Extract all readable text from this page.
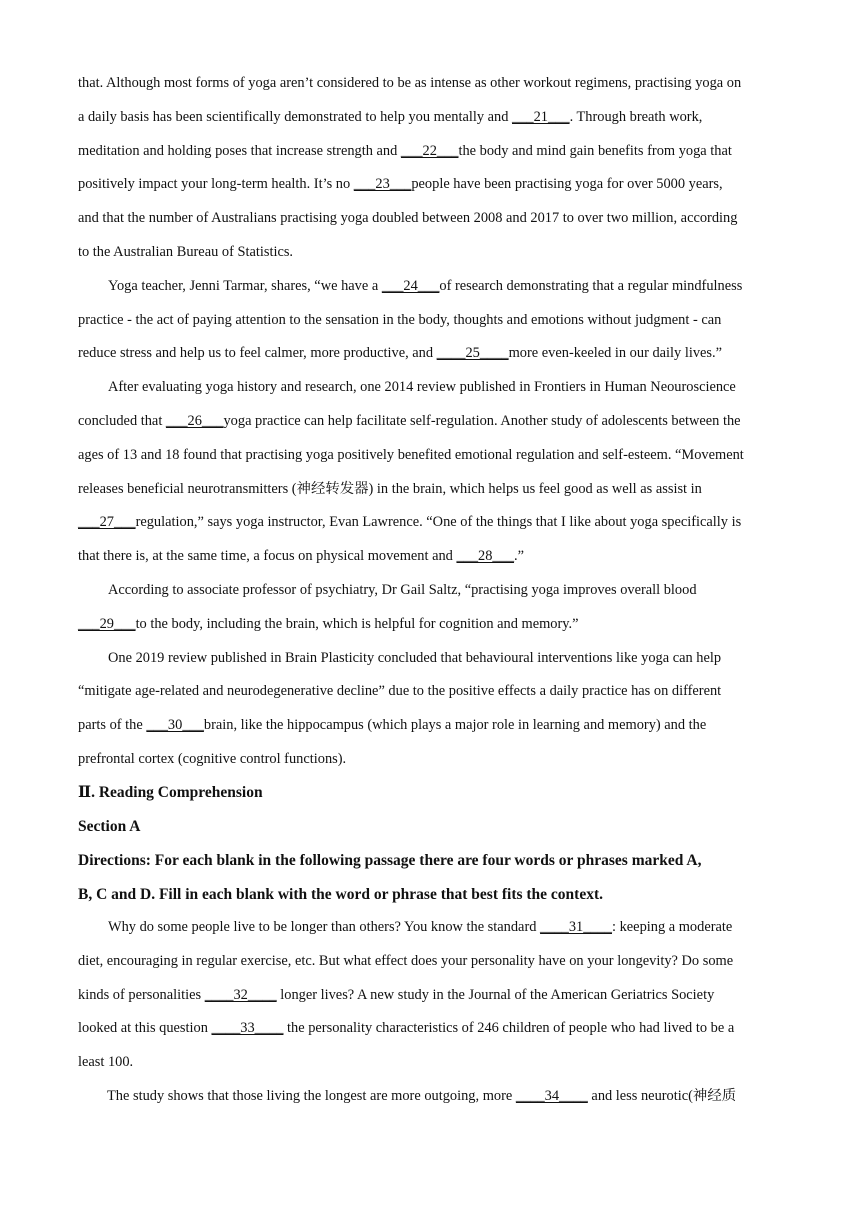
that. Although most forms of yoga aren’t considered to be as intense as other workout regimens, practising yoga on
a daily basis has been scientifically demonstrated to help you mentally and ___21___. Through breath work,
meditation and holding poses that increase strength and ___22___the body and mind gain benefits from yoga that
positively impact your long-term health. It’s no ___23___people have been practising yoga for over 5000 years,
and that the number of Australians practising yoga doubled between 2008 and 2017 to over two million, according
to the Australian Bureau of Statistics.
Yoga teacher, Jenni Tarmar, shares, “we have a ___24___of research demonstrating that a regular mindfulness
practice - the act of paying attention to the sensation in the body, thoughts and emotions without judgment - can
reduce stress and help us to feel calmer, more productive, and ____25____more even-keeled in our daily lives.”
After evaluating yoga history and research, one 2014 review published in Frontiers in Human Neouroscience
concluded that ___26___yoga practice can help facilitate self-regulation. Another study of adolescents between the
ages of 13 and 18 found that practising yoga positively benefited emotional regulation and self-esteem. “Movement
releases beneficial neurotransmitters (神经转发器) in the brain, which helps us feel good as well as assist in
___27___regulation,” says yoga instructor, Evan Lawrence. “One of the things that I like about yoga specifically is
that there is, at the same time, a focus on physical movement and ___28___.”
According to associate professor of psychiatry, Dr Gail Saltz, “practising yoga improves overall blood
___29___to the body, including the brain, which is helpful for cognition and memory.”
One 2019 review published in Brain Plasticity concluded that behavioural interventions like yoga can help
“mitigate age-related and neurodegenerative decline” due to the positive effects a daily practice has on different
parts of the ___30___brain, like the hippocampus (which plays a major role in learning and memory) and the
prefrontal cortex (cognitive control functions).
Ⅱ. Reading Comprehension
Section A
Directions: For each blank in the following passage there are four words or phrases marked A,
B, C and D. Fill in each blank with the word or phrase that best fits the context.
Why do some people live to be longer than others? You know the standard ____31____: keeping a moderate
diet, encouraging in regular exercise, etc. But what effect does your personality have on your longevity? Do some
kinds of personalities ____32____ longer lives? A new study in the Journal of the American Geriatrics Society
looked at this question ____33____ the personality characteristics of 246 children of people who had lived to be a
least 100.
The study shows that those living the longest are more outgoing, more ____34____ and less neurotic(神经质
